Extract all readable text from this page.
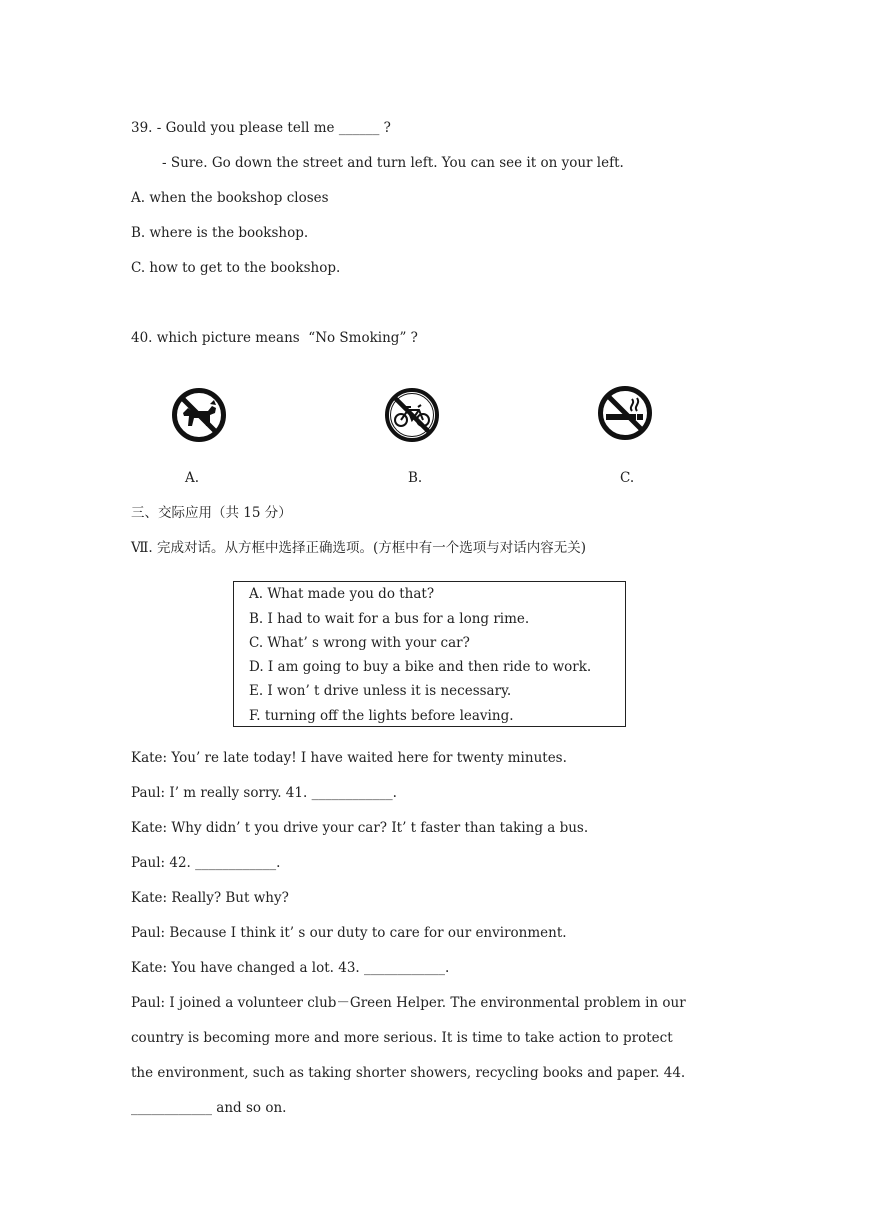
39. - Gould you please tell me ______ ?
- Sure. Go down the street and turn left. You can see it on your left.
A. when the bookshop closes
B. where is the bookshop.
C. how to get to the bookshop.
40. which picture means  “No Smoking” ?
A.	B.	C.
三、交际应用（共 15 分）
Ⅶ. 完成对话。从方框中选择正确选项。(方框中有一个选项与对话内容无关)
A. What made you do that?
B. I had to wait for a bus for a long rime.
C. What’ s wrong with your car?
D. I am going to buy a bike and then ride to work.
E. I won’ t drive unless it is necessary.
F. turning off the lights before leaving.
Kate: You’ re late today! I have waited here for twenty minutes.
Paul: I’ m really sorry. 41. ____________.
Kate: Why didn’ t you drive your car? It’ t faster than taking a bus.
Paul: 42. ____________.
Kate: Really? But why?
Paul: Because I think it’ s our duty to care for our environment.
Kate: You have changed a lot. 43. ____________.
Paul: I joined a volunteer club－Green Helper. The environmental problem in our
country is becoming more and more serious. It is time to take action to protect
the environment, such as taking shorter showers, recycling books and paper. 44.
____________ and so on.
